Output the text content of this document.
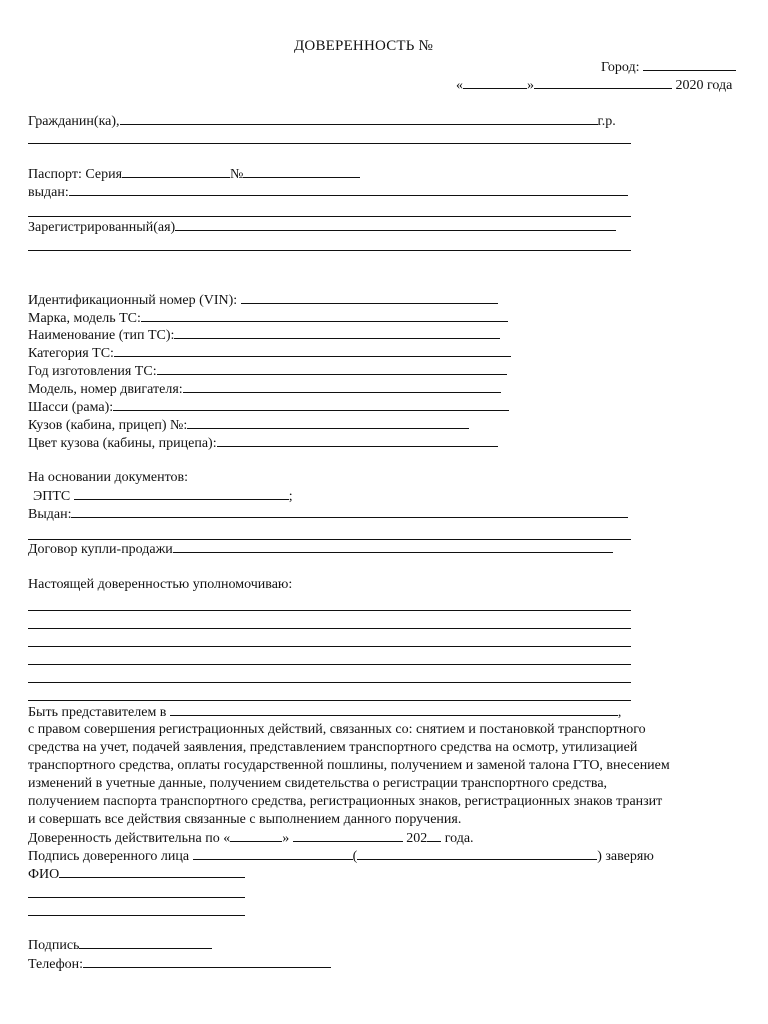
ДОВЕРЕННОСТЬ №
Город:
«	»	2020 года
Гражданин(ка),	г.р.
Паспорт: Серия	№
выдан:
Зарегистрированный(ая)
Идентификационный номер (VIN):
Марка, модель ТС:
Наименование (тип ТС):
Категория ТС:
Год изготовления ТС:
Модель, номер двигателя:
Шасси (рама):
Кузов (кабина, прицеп) №:
Цвет кузова (кабины, прицепа):
На основании документов:
ЭПТС	;
Выдан:
Договор купли-продажи
Настоящей доверенностью уполномочиваю:
Быть представителем в	,
с правом совершения регистрационных действий, связанных со: снятием и постановкой транспортного
средства на учет, подачей заявления, представлением транспортного средства на осмотр, утилизацией
транспортного средства, оплаты государственной пошлины, получением и заменой талона ГТО, внесением
изменений в учетные данные, получением свидетельства о регистрации транспортного средства,
получением паспорта транспортного средства, регистрационных знаков, регистрационных знаков транзит
и совершать все действия связанные с выполнением данного поручения.
Доверенность действительна по «	»	202 года.
Подпись доверенного лица	(	) заверяю
ФИО
Подпись
Телефон:
